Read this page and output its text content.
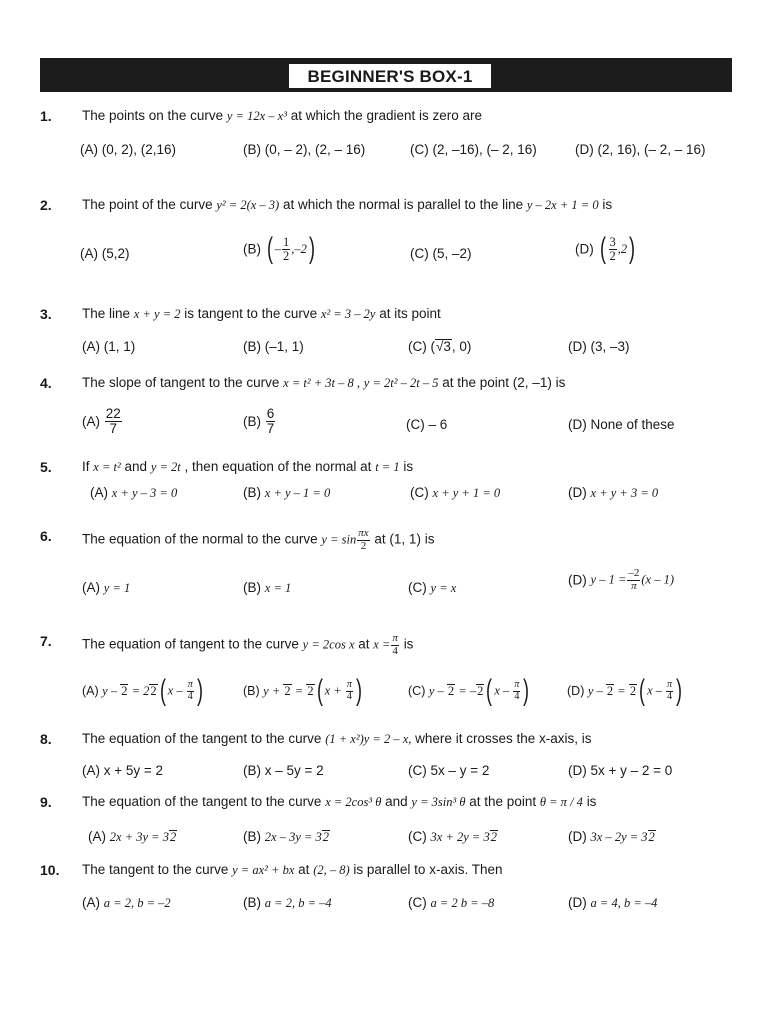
BEGINNER'S BOX-1
1. The points on the curve y = 12x – x³ at which the gradient is zero are
(A) (0, 2), (2,16)	(B) (0, – 2), (2, – 16)	(C) (2, –16), (– 2, 16)	(D) (2, 16), (– 2, – 16)
2. The point of the curve y² = 2(x – 3) at which the normal is parallel to the line y – 2x + 1 = 0 is
(A) (5,2)	(B) ( – $\frac{1}{2} ,-2$)	(C) (5, –2)	(D) ( $\frac{3}{2} ,2$)
3. The line x + y = 2 is tangent to the curve x² = 3 – 2y at its point
(A) (1, 1)	(B) (–1, 1)	(C) (√3, 0)	(D) (3, –3)
4. The slope of tangent to the curve x = t² + 3t – 8 , y = 2t² – 2t – 5 at the point (2, –1) is
$(A) \frac{22}{7}$	$(B) \frac{6}{7}$	(C) – 6	(D) None of these
5. If x = t² and y = 2t , then equation of the normal at t = 1 is
(A) x + y – 3 = 0	(B) x + y – 1 = 0	(C) x + y + 1 = 0	(D) x + y + 3 = 0
6. The equation of the normal to the curve $y = \sin \frac{\pi x}{2}$ at (1, 1) is
(A) y = 1	(B) x = 1	(C) y = x
(D) $y - 1 = \frac{-2}{\pi} (x - 1)$
7. The equation of tangent to the curve y = 2cos x at $x = \frac{\pi}{4}$ is
(A) y – 2 = 22 ( x – $\frac{\pi}{4}$ )	(B) y + 2 = 2 ( $x + \frac{\pi}{4}$ )	(C) y – 2 = –2 ( x – $\frac{\pi}{4}$ )	(D) y – 2 = 2 ( x – $\frac{\pi}{4}$ )
8. The equation of the tangent to the curve (1 + x²)y = 2 – x, where it crosses the x-axis, is
(A) x + 5y = 2	(B) x – 5y = 2	(C) 5x – y = 2	(D) 5x + y – 2 = 0
9. The equation of the tangent to the curve x = 2cos³ θ and y = 3sin³ θ at the point θ = π / 4 is
(A) 2x + 3y = 32	(B) 2x – 3y = 32	(C) 3x + 2y = 32	(D) 3x – 2y = 32
10. The tangent to the curve y = ax² + bx at (2, – 8) is parallel to x-axis. Then
(A) a = 2, b = –2	(B) a = 2, b = –4	(C) a = 2 b = –8	(D) a = 4, b = –4
